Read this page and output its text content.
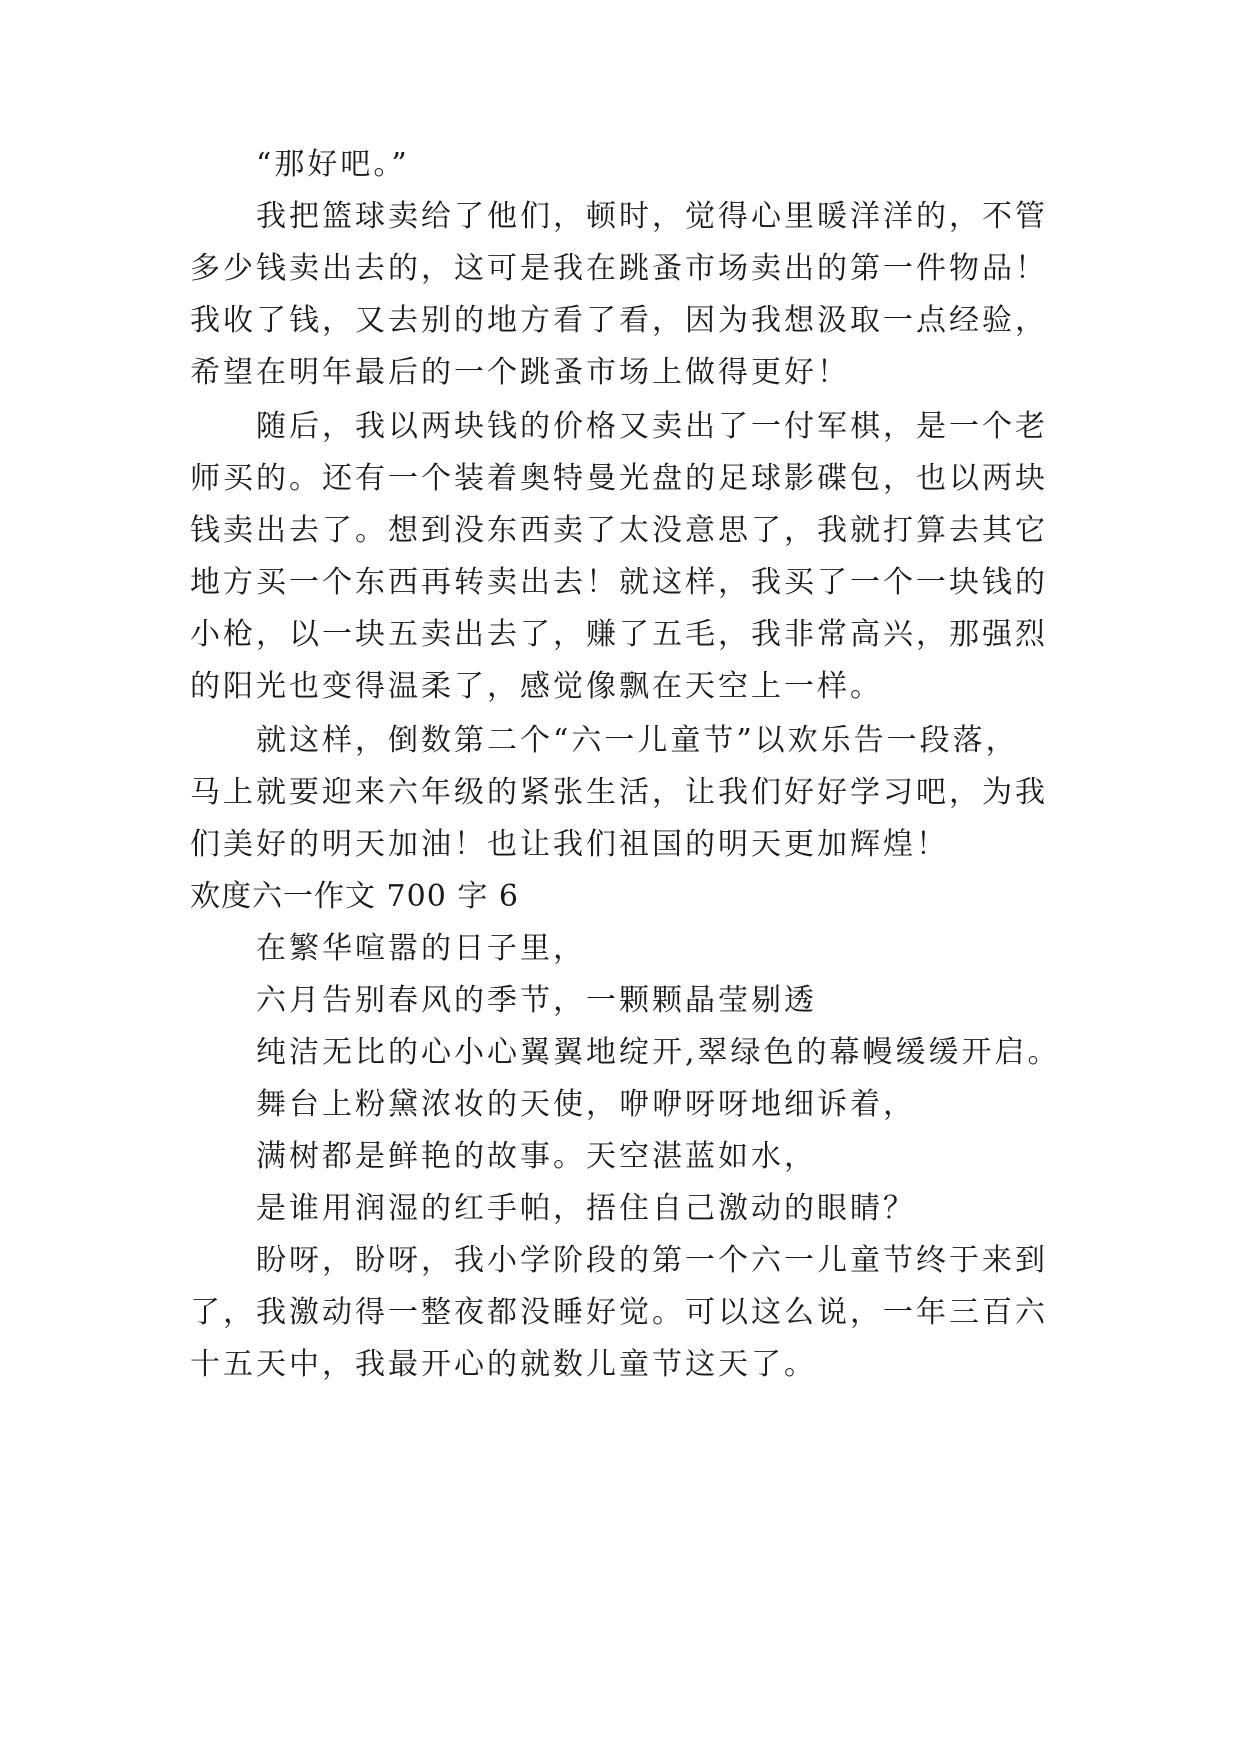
“那好吧。”
我把篮球卖给了他们，顿时，觉得心里暖洋洋的，不管
多少钱卖出去的，这可是我在跳蚤市场卖出的第一件物品！
我收了钱，又去别的地方看了看，因为我想汲取一点经验，
希望在明年最后的一个跳蚤市场上做得更好！
随后，我以两块钱的价格又卖出了一付军棋，是一个老
师买的。还有一个装着奥特曼光盘的足球影碟包，也以两块
钱卖出去了。想到没东西卖了太没意思了，我就打算去其它
地方买一个东西再转卖出去！就这样，我买了一个一块钱的
小枪，以一块五卖出去了，赚了五毛，我非常高兴，那强烈
的阳光也变得温柔了，感觉像飘在天空上一样。
就这样，倒数第二个“六一儿童节”以欢乐告一段落，
马上就要迎来六年级的紧张生活，让我们好好学习吧，为我
们美好的明天加油！也让我们祖国的明天更加辉煌！
欢度六一作文 700 字 6
在繁华喧嚣的日子里，
六月告别春风的季节，一颗颗晶莹剔透
纯洁无比的心小心翼翼地绽开,翠绿色的幕幔缓缓开启。
舞台上粉黛浓妆的天使，咿咿呀呀地细诉着，
满树都是鲜艳的故事。天空湛蓝如水，
是谁用润湿的红手帕，捂住自己激动的眼睛？
盼呀，盼呀，我小学阶段的第一个六一儿童节终于来到
了，我激动得一整夜都没睡好觉。可以这么说，一年三百六
十五天中，我最开心的就数儿童节这天了。
